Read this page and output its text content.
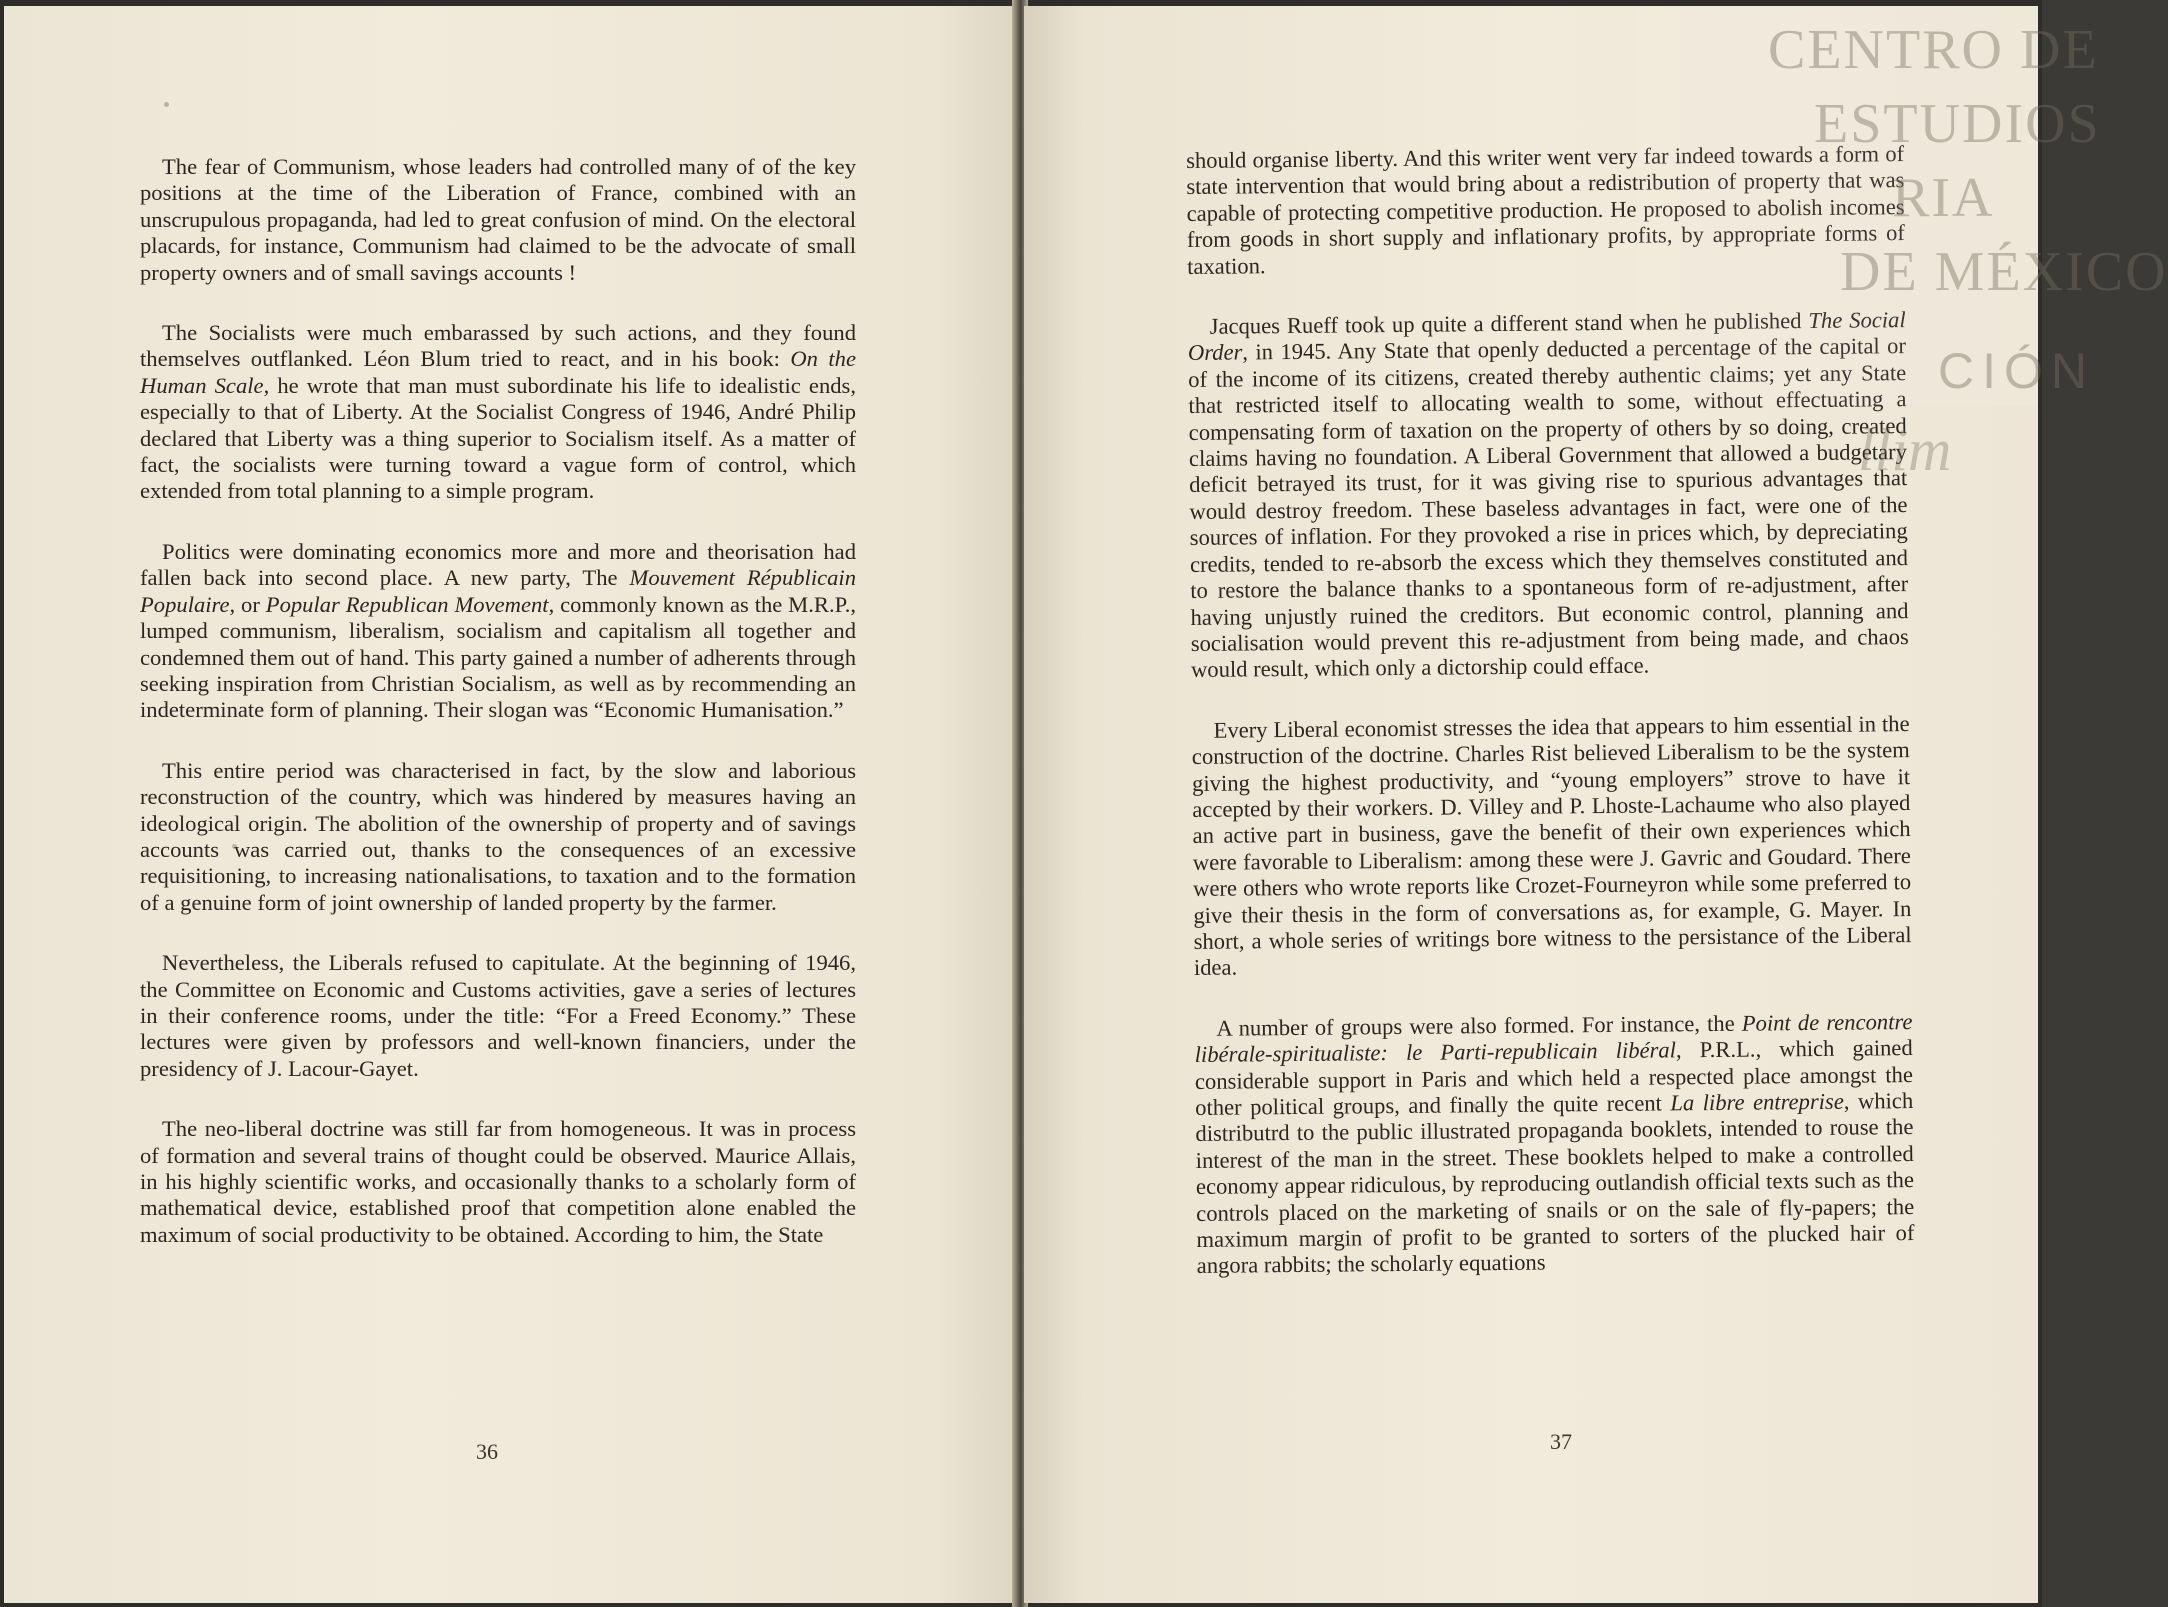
The fear of Communism, whose leaders had controlled many of of the key positions at the time of the Liberation of France, combined with an unscrupulous propaganda, had led to great confusion of mind. On the electoral placards, for instance, Communism had claimed to be the advocate of small property owners and of small savings accounts !

The Socialists were much embarassed by such actions, and they found themselves outflanked. Léon Blum tried to react, and in his book: On the Human Scale, he wrote that man must subordinate his life to idealistic ends, especially to that of Liberty. At the Socialist Congress of 1946, André Philip declared that Liberty was a thing superior to Socialism itself. As a matter of fact, the socialists were turning toward a vague form of control, which extended from total planning to a simple program.

Politics were dominating economics more and more and theorisation had fallen back into second place. A new party, The Mouvement Républicain Populaire, or Popular Republican Movement, commonly known as the M.R.P., lumped communism, liberalism, socialism and capitalism all together and condemned them out of hand. This party gained a number of adherents through seeking inspiration from Christian Socialism, as well as by recommending an indeterminate form of planning. Their slogan was “Economic Humanisation.”

This entire period was characterised in fact, by the slow and laborious reconstruction of the country, which was hindered by measures having an ideological origin. The abolition of the ownership of property and of savings accounts was carried out, thanks to the consequences of an excessive requisitioning, to increasing nationalisations, to taxation and to the formation of a genuine form of joint ownership of landed property by the farmer.

Nevertheless, the Liberals refused to capitulate. At the beginning of 1946, the Committee on Economic and Customs activities, gave a series of lectures in their conference rooms, under the title: “For a Freed Economy.” These lectures were given by professors and well-known financiers, under the presidency of J. Lacour-Gayet.

The neo-liberal doctrine was still far from homogeneous. It was in process of formation and several trains of thought could be observed. Maurice Allais, in his highly scientific works, and occasionally thanks to a scholarly form of mathematical device, established proof that competition alone enabled the maximum of social productivity to be obtained. According to him, the State

36

should organise liberty. And this writer went very far indeed towards a form of state intervention that would bring about a redistribution of property that was capable of protecting competitive production. He proposed to abolish incomes from goods in short supply and inflationary profits, by appropriate forms of taxation.

Jacques Rueff took up quite a different stand when he published The Social Order, in 1945. Any State that openly deducted a percentage of the capital or of the income of its citizens, created thereby authentic claims; yet any State that restricted itself to allocating wealth to some, without effectuating a compensating form of taxation on the property of others by so doing, created claims having no foundation. A Liberal Government that allowed a budgetary deficit betrayed its trust, for it was giving rise to spurious advantages that would destroy freedom. These baseless advantages in fact, were one of the sources of inflation. For they provoked a rise in prices which, by depreciating credits, tended to re-absorb the excess which they themselves constituted and to restore the balance thanks to a spontaneous form of re-adjustment, after having unjustly ruined the creditors. But economic control, planning and socialisation would prevent this re-adjustment from being made, and chaos would result, which only a dictorship could efface.

Every Liberal economist stresses the idea that appears to him essential in the construction of the doctrine. Charles Rist believed Liberalism to be the system giving the highest productivity, and “young employers” strove to have it accepted by their workers. D. Villey and P. Lhoste-Lachaume who also played an active part in business, gave the benefit of their own experiences which were favorable to Liberalism: among these were J. Gavric and Goudard. There were others who wrote reports like Crozet-Fourneyron while some preferred to give their thesis in the form of conversations as, for example, G. Mayer. In short, a whole series of writings bore witness to the persistance of the Liberal idea.

A number of groups were also formed. For instance, the Point de rencontre libérale-spiritualiste: le Parti-republicain libéral, P.R.L., which gained considerable support in Paris and which held a respected place amongst the other political groups, and finally the quite recent La libre entreprise, which distributrd to the public illustrated propaganda booklets, intended to rouse the interest of the man in the street. These booklets helped to make a controlled economy appear ridiculous, by reproducing outlandish official texts such as the controls placed on the marketing of snails or on the sale of fly-papers; the maximum margin of profit to be granted to sorters of the plucked hair of angora rabbits; the scholarly equations

37
CENTRO DE
ESTUDIOS
RIA
DE MÉXICO
CIÓN
llim
